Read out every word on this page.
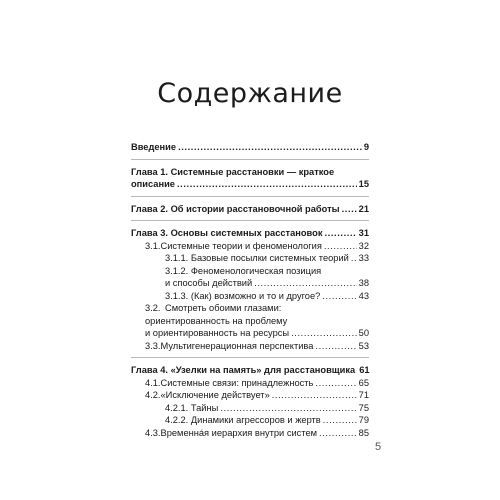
Содержание
Введение .....	9
Глава 1. Системные расстановки — краткое
описание .....	15
Глава 2. Об истории расстановочной работы ..... 21
Глава 3. Основы системных расстановок .....	31
3.1. Системные теории и феноменология .....	32
3.1.1.
Базовые посылки системных теорий ..... 33
3.1.2.
Феноменологическая позиция
и способы действий .....	38
3.1.3.
(Как) возможно и то и другое? .....	43
3.2. Смотреть обоими глазами:
ориентированность на проблему
и ориентированность на ресурсы .....	50
3.3. Мультигенерационная перспектива .....	53
Глава 4. «Узелки на память» для расстановщика 61
4.1. Системные связи: принадлежность .....	65
4.2. «Исключение действует» .....	71
4.2.1.
Тайны .....	75
4.2.2.
Динамики агрессоров и жертв .....	79
4.3. Временнáя иерархия внутри систем .....	85
5
